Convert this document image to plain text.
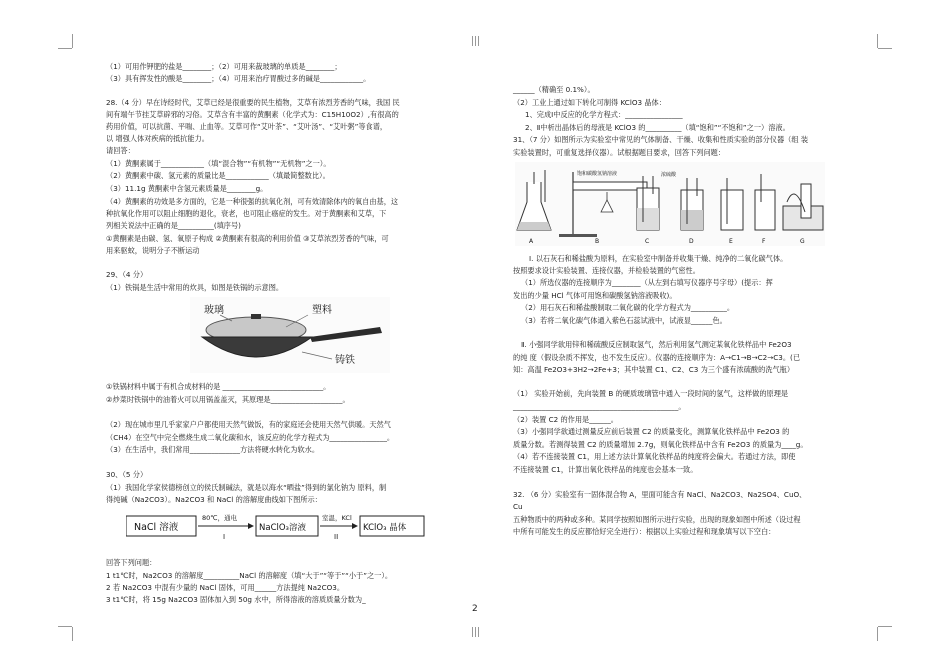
（1）可用作钾肥的盐是________；（2）可用来裁玻璃的单质是________；
（3）具有挥发性的酸是________；（4）可用来治疗胃酸过多的碱是____________。
28.（4 分）早在诗经时代，艾草已经是很重要的民生植物，艾草有浓烈芳香的气味，我国 民
间有端午节挂艾草辟邪的习俗。艾草含有丰富的黄酮素（化学式为：C15H10O2）,有很高的
药用价值，可以抗菌、平喘、止血等。艾草可作“艾叶茶”、“艾叶汤”、“艾叶粥”等食谱，
以 增强人体对疾病的抵抗能力。
请回答：
（1）黄酮素属于____________（填“混合物”“有机物”“无机物”之一）。
（2）黄酮素中碳、氢元素的质量比是____________（填最简整数比）。
（3）11.1g 黄酮素中含氢元素质量是________g。
（4）黄酮素的功效是多方面的，它是一种很强的抗氧化剂，可有效清除体内的氧自由基，这
种抗氧化作用可以阻止细胞的退化，衰老，也可阻止癌症的发生。对于黄酮素和艾草，下
列相关说法中正确的是__________(填序号)
①黄酮素是由碳、氢、氧原子构成 ②黄酮素有很高的利用价值 ③艾草浓烈芳香的气味，可
用来驱蚊，说明分子不断运动
29、（4 分）
（1）铁锅是生活中常用的炊具，如图是铁锅的示意图。
玻璃	塑料
铸铁
①铁锅材料中属于有机合成材料的是 ____________________________。
②炒菜时铁锅中的油着火可以用锅盖盖灭，其原理是____________________。
（2）现在城市里几乎家家户户都使用天然气做饭，有的家庭还会使用天然气供暖。天然气
（CH4）在空气中完全燃烧生成二氧化碳和水，该反应的化学方程式为________________。
（3）在生活中，我们常用______________方法将硬水转化为软水。
30、（5 分）
（1）我国化学家侯德榜创立的侯氏制碱法，就是以海水“晒盐”得到的氯化钠为 原料，制
得纯碱（Na2CO3）。Na2CO3 和 NaCl 的溶解度曲线如下图所示：
NaCl 溶液
80℃，通电
I
NaClO₃溶液
室温，KCl
II
KClO₃ 晶体
回答下列问题：
1 t1℃时，Na2CO3 的溶解度__________NaCl 的溶解度（填“大于”“等于”“小于”之一）。
2 若 Na2CO3 中混有少量的 NaCl 固体，可用______方法提纯 Na2CO3。
3 t1℃时，将 15g Na2CO3 固体加入到 50g 水中，所得溶液的溶质质量分数为_
______（精确至 0.1%）。
（2）工业上通过如下转化可制得 KClO3 晶体：
1、完成Ⅰ中反应的化学方程式：________________
2、Ⅱ中析出晶体后的母液是 KClO3 的__________（填“饱和”“不饱和”之一）溶液。
31、（7 分）如图所示为实验室中常见的气体制备、干燥、收集和性质实验的部分仪器（组 装
实验装置时，可重复选择仪器）。试根据题目要求，回答下列问题：
饱和碳酸氢钠溶液	浓硫酸
A	B	C	D	E	F	G
Ⅰ. 以石灰石和稀盐酸为原料，在实验室中制备并收集干燥、纯净的二氧化碳气体。
按照要求设计实验装置、连接仪器，并检验装置的气密性。
（1）所选仪器的连接顺序为________（从左到右填写仪器序号字母）(提示：挥
发出的少量 HCl 气体可用饱和碳酸氢钠溶液吸收)。
（2）用石灰石和稀盐酸制取二氧化碳的化学方程式为__________。
（3）若将二氧化碳气体通入紫色石蕊试液中，试液显______色。
Ⅱ. 小强同学欲用锌和稀硫酸反应制取氢气，然后利用氢气测定某氧化铁样品中 Fe2O3
的纯 度（假设杂质不挥发，也不发生反应）。仪器的连接顺序为：A→C1→B→C2→C3。(已
知：高温 Fe2O3+3H2→2Fe+3；其中装置 C1、C2、C3 为三个盛有浓硫酸的洗气瓶）
（1） 实验开始前，先向装置 B 的硬质玻璃管中通入一段时间的氢气，这样做的原理是
______________________________________________。
（2）装置 C2 的作用是______。
（3）小强同学欲通过测量反应前后装置 C2 的质量变化，测算氧化铁样品中 Fe2O3 的
质量分数。若测得装置 C2 的质量增加 2.7g，则氧化铁样品中含有 Fe2O3 的质量为____g。
（4）若不连接装置 C1，用上述方法计算氧化铁样品的纯度将会偏大。若通过方法，即使
不连接装置 C1，计算出氧化铁样品的纯度也会基本一致。
32. （6 分）实验室有一固体混合物 A，里面可能含有 NaCl、Na2CO3、Na2SO4、CuO、
Cu
五种物质中的两种或多种。某同学按照如图所示进行实验，出现的现象如图中所述（设过程
中所有可能发生的反应都恰好完全进行）：根据以上实验过程和现象填写以下空白：
2
